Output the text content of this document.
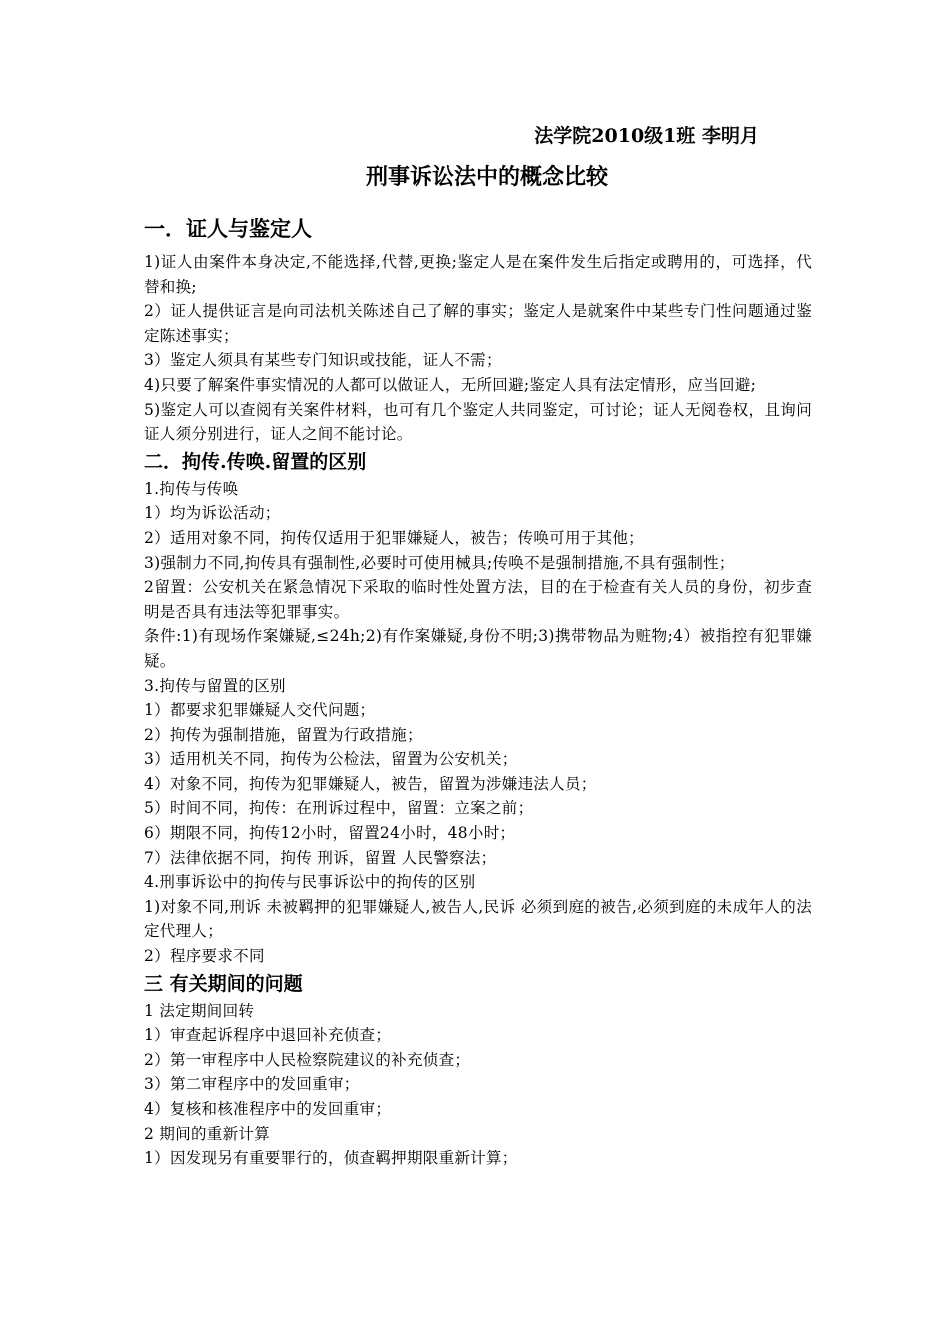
法学院2010级1班 李明月
刑事诉讼法中的概念比较
一．证人与鉴定人

1)证人由案件本身决定,不能选择,代替,更换;鉴定人是在案件发生后指定或聘用的，可选择，代替和换;

2）证人提供证言是向司法机关陈述自己了解的事实；鉴定人是就案件中某些专门性问题通过鉴定陈述事实；

3）鉴定人须具有某些专门知识或技能，证人不需；

4)只要了解案件事实情况的人都可以做证人，无所回避;鉴定人具有法定情形，应当回避;

5)鉴定人可以查阅有关案件材料，也可有几个鉴定人共同鉴定，可讨论；证人无阅卷权，且询问证人须分别进行，证人之间不能讨论。

二．拘传.传唤.留置的区别

1.拘传与传唤

1）均为诉讼活动；

2）适用对象不同，拘传仅适用于犯罪嫌疑人，被告；传唤可用于其他；

3)强制力不同,拘传具有强制性,必要时可使用械具;传唤不是强制措施,不具有强制性；

2留置：公安机关在紧急情况下采取的临时性处置方法，目的在于检查有关人员的身份，初步查明是否具有违法等犯罪事实。

条件:1)有现场作案嫌疑,≤24h;2)有作案嫌疑,身份不明;3)携带物品为赃物;4）被指控有犯罪嫌疑。

3.拘传与留置的区别

1）都要求犯罪嫌疑人交代问题；

2）拘传为强制措施，留置为行政措施；

3）适用机关不同，拘传为公检法，留置为公安机关；

4）对象不同，拘传为犯罪嫌疑人，被告，留置为涉嫌违法人员；

5）时间不同，拘传：在刑诉过程中，留置：立案之前；

6）期限不同，拘传12小时，留置24小时，48小时；

7）法律依据不同，拘传 刑诉，留置 人民警察法；

4.刑事诉讼中的拘传与民事诉讼中的拘传的区别

1)对象不同,刑诉 未被羁押的犯罪嫌疑人,被告人,民诉 必须到庭的被告,必须到庭的未成年人的法定代理人；

2）程序要求不同

三 有关期间的问题

1 法定期间回转

1）审查起诉程序中退回补充侦查；

2）第一审程序中人民检察院建议的补充侦查；

3）第二审程序中的发回重审；

4）复核和核准程序中的发回重审；

2 期间的重新计算

1）因发现另有重要罪行的，侦查羁押期限重新计算；
